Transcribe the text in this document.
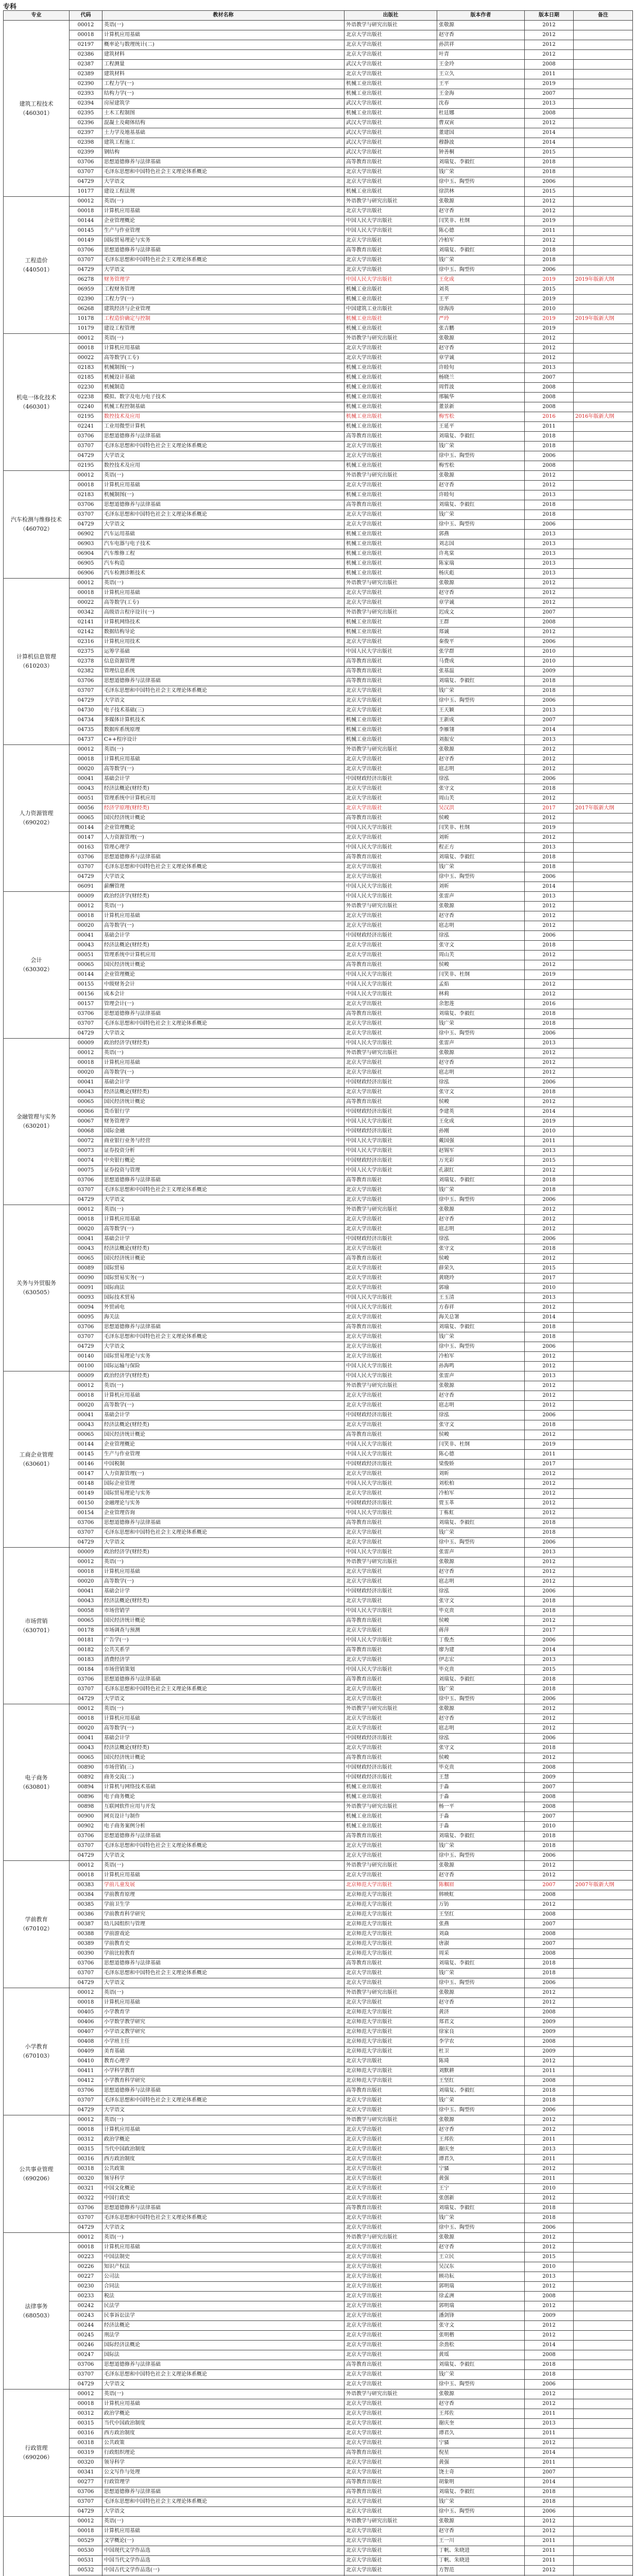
专科
专业	代码	教材名称	出版社	版本作者	版本日期	备注

建筑工程技术
（460301）	00012	英语(一)	外语教学与研究出版社	张敬源	2012	
	00018	计算机应用基础	北京大学出版社	赵守香	2012	
	02197	概率论与数理统计(二)	北京大学出版社	孙洪祥	2012	
	02386	建筑材料	北京大学出版社	叶青	2012	
	02387	工程测量	武汉大学出版社	王金玲	2008	
	02389	建筑材料	北京大学出版社	王立久	2011	
	02390	工程力学(一)	机械工业出版社	王平	2019	
	02393	结构力学(一)	机械工业出版社	王金海	2007	
	02394	房屋建筑学	武汉大学出版社	沈春	2013	
	02395	土木工程制图	机械工业出版社	杜廷娜	2008	
	02396	混凝土及砌体结构	武汉大学出版社	曹双寅	2012	
	02397	土力学及地基基础	武汉大学出版社	董建国	2014	
	02398	建筑工程施工	武汉大学出版社	穆静波	2014	
	02399	钢结构	武汉大学出版社	钟善桐	2015	
	03706	思想道德修养与法律基础	高等教育出版社	刘瑞复、李毅红	2018	
	03707	毛泽东思想和中国特色社会主义理论体系概论	北京大学出版社	钱广荣	2018	
	04729	大学语文	北京大学出版社	徐中玉、陶型传	2006	
	10177	建设工程法规	机械工业出版社	徐洪林	2015	

工程造价
（440501）	00012	英语(一)	外语教学与研究出版社	张敬源	2012	
	00018	计算机应用基础	北京大学出版社	赵守香	2012	
	00144	企业管理概论	中国人民大学出版社	闫笑非、杜纲	2019	
	00145	生产与作业管理	中国人民大学出版社	陈心德	2011	
	00149	国际贸易理论与实务	北京大学出版社	冷柏军	2012	
	03706	思想道德修养与法律基础	高等教育出版社	刘瑞复、李毅红	2018	
	03707	毛泽东思想和中国特色社会主义理论体系概论	北京大学出版社	钱广荣	2018	
	04729	大学语文	北京大学出版社	徐中玉、陶型传	2006	
	06278	财务管理学	中国人民大学出版社	王化成	2019	2019年版新大纲
	06959	工程财务管理	机械工业出版社	刘英	2015	
	02390	工程力学(一)	机械工业出版社	王平	2019	
	06268	建筑经济与企业管理	中国建筑工业出版社	徐海涛	2010	
	10178	工程造价确定与控制	机械工业出版社	严玲	2019	2019年版新大纲
	10179	建设工程管理	机械工业出版社	张吉鹏	2019	

机电一体化技术
（460301）	00012	英语(一)	外语教学与研究出版社	张敬源	2012	
	00018	计算机应用基础	北京大学出版社	赵守香	2012	
	00022	高等数学(工专)	北京大学出版社	章学诚	2012	
	02183	机械制图(一)	机械工业出版社	许睦旬	2013	
	02185	机械设计基础	机械工业出版社	杨晓兰	2007	
	02230	机械制造	机械工业出版社	周哲波	2008	
	02238	模拟、数字及电力电子技术	机械工业出版社	邢毓华	2008	
	02240	机械工程控制基础	机械工业出版社	董景新	2008	
	02195	数控技术及应用	机械工业出版社	梅雪松	2016	2016年版新大纲
	02241	工业用微型计算机	机械工业出版社	王延平	2011	
	03706	思想道德修养与法律基础	高等教育出版社	刘瑞复、李毅红	2018	
	03707	毛泽东思想和中国特色社会主义理论体系概论	北京大学出版社	钱广荣	2018	
	04729	大学语文	北京大学出版社	徐中玉、陶型传	2006	
	02195	数控技术及应用	机械工业出版社	梅雪松	2008	

汽车检测与维修技术
（460702）	00012	英语(一)	外语教学与研究出版社	张敬源	2012	
	00018	计算机应用基础	北京大学出版社	赵守香	2012	
	02183	机械制图(一)	机械工业出版社	许睦旬	2013	
	03706	思想道德修养与法律基础	高等教育出版社	刘瑞复、李毅红	2018	
	03707	毛泽东思想和中国特色社会主义理论体系概论	北京大学出版社	钱广荣	2018	
	04729	大学语文	北京大学出版社	徐中玉、陶型传	2006	
	06902	汽车运用基础	机械工业出版社	郭燕	2013	
	06903	汽车电器与电子技术	机械工业出版社	刘志国	2013	
	06904	汽车维修工程	机械工业出版社	许兆棠	2013	
	06905	汽车构造	机械工业出版社	陈家瑞	2013	
	06906	汽车检测诊断技术	机械工业出版社	杨庆彪	2013	

计算机信息管理
（610203）	00012	英语(一)	外语教学与研究出版社	张敬源	2012	
	00018	计算机应用基础	北京大学出版社	赵守香	2012	
	00022	高等数学(工专)	北京大学出版社	章学诚	2012	
	00342	高级语言程序设计(一)	外语教学与研究出版社	迟成文	2007	
	02141	计算机网络技术	机械工业出版社	王群	2008	
	02142	数据结构导论	机械工业出版社	郑诚	2012	
	02316	计算机应用技术	北京大学出版社	秦俊平	2006	
	02375	运筹学基础	中国人民大学出版社	张学群	2010	
	02378	信息资源管理	高等教育出版社	马费成	2010	
	02382	管理信息系统	高等教育出版社	张基温	2009	
	03706	思想道德修养与法律基础	高等教育出版社	刘瑞复、李毅红	2018	
	03707	毛泽东思想和中国特色社会主义理论体系概论	北京大学出版社	钱广荣	2018	
	04729	大学语文	北京大学出版社	徐中玉、陶型传	2006	
	04730	电子技术基础(三)	北京大学出版社	王天颖	2013	
	04734	多媒体计算机技术	机械工业出版社	王新成	2007	
	04735	数据库系统原理	机械工业出版社	李雁翎	2014	
	04737	C++程序设计	机械工业出版社	刘振安	2013	

人力资源管理
（690202）	00012	英语(一)	外语教学与研究出版社	张敬源	2012	
	00018	计算机应用基础	北京大学出版社	赵守香	2012	
	00020	高等数学(一)	北京大学出版社	扈志明	2012	
	00041	基础会计学	中国财政经济出版社	徐泓	2006	
	00043	经济法概论(财经类)	北京大学出版社	张守文	2018	
	00051	管理系统中计算机应用	北京大学出版社	周山芙	2012	
	00056	经济学原理(财经类)	北京大学出版社	吴汉洪	2017	2017年版新大纲
	00065	国民经济统计概论	高等教育出版社	侯峻	2012	
	00144	企业管理概论	中国人民大学出版社	闫笑非、杜纲	2019	
	00147	人力资源管理(一)	北京大学出版社	刘昕	2012	
	00163	管理心理学	中国人民大学出版社	程正方	2013	
	03706	思想道德修养与法律基础	高等教育出版社	刘瑞复、李毅红	2018	
	03707	毛泽东思想和中国特色社会主义理论体系概论	北京大学出版社	钱广荣	2018	
	04729	大学语文	北京大学出版社	徐中玉、陶型传	2006	
	06091	薪酬管理	中国人民大学出版社	刘昕	2014	

会计
（630302）	00009	政治经济学(财经类)	中国人民大学出版社	张雷声	2013	
	00012	英语(一)	外语教学与研究出版社	张敬源	2012	
	00018	计算机应用基础	北京大学出版社	赵守香	2012	
	00020	高等数学(一)	北京大学出版社	扈志明	2012	
	00041	基础会计学	中国财政经济出版社	徐泓	2006	
	00043	经济法概论(财经类)	北京大学出版社	张守文	2018	
	00051	管理系统中计算机应用	北京大学出版社	周山芙	2012	
	00065	国民经济统计概论	高等教育出版社	侯峻	2012	
	00144	企业管理概论	中国人民大学出版社	闫笑非、杜纲	2019	
	00155	中级财务会计	中国人民大学出版社	孟焰	2012	
	00156	成本会计	中国人民大学出版社	林莉	2012	
	00157	管理会计(一)	北京大学出版社	余恕莲	2016	
	03706	思想道德修养与法律基础	高等教育出版社	刘瑞复、李毅红	2018	
	03707	毛泽东思想和中国特色社会主义理论体系概论	北京大学出版社	钱广荣	2018	
	04729	大学语文	北京大学出版社	徐中玉、陶型传	2006	

金融管理与实务
（630201）	00009	政治经济学(财经类)	中国人民大学出版社	张雷声	2013	
	00012	英语(一)	外语教学与研究出版社	张敬源	2012	
	00018	计算机应用基础	北京大学出版社	赵守香	2012	
	00020	高等数学(一)	北京大学出版社	扈志明	2012	
	00041	基础会计学	中国财政经济出版社	徐泓	2006	
	00043	经济法概论(财经类)	北京大学出版社	张守文	2018	
	00065	国民经济统计概论	高等教育出版社	侯峻	2012	
	00066	货币银行学	中国财政经济出版社	李建英	2014	
	00067	财务管理学	中国人民大学出版社	王化成	2019	
	00068	国际金融	中国财政经济出版社	孙刚	2010	
	00072	商业银行业务与经营	中国人民大学出版社	戴国强	2011	
	00073	证券投资分析	中国人民大学出版社	赵锡军	2013	
	00074	中央银行概论	中国财政经济出版社	万光彩	2015	
	00075	证券投资与管理	中国人民大学出版社	孔淑红	2012	
	03706	思想道德修养与法律基础	高等教育出版社	刘瑞复、李毅红	2018	
	03707	毛泽东思想和中国特色社会主义理论体系概论	北京大学出版社	钱广荣	2018	
	04729	大学语文	北京大学出版社	徐中玉、陶型传	2006	

关务与外贸服务
（630505）	00012	英语(一)	外语教学与研究出版社	张敬源	2012	
	00018	计算机应用基础	北京大学出版社	赵守香	2012	
	00020	高等数学(一)	北京大学出版社	扈志明	2012	
	00041	基础会计学	中国财政经济出版社	徐泓	2006	
	00043	经济法概论(财经类)	北京大学出版社	张守文	2018	
	00065	国民经济统计概论	高等教育出版社	侯峻	2012	
	00089	国际贸易	北京大学出版社	薛荣久	2015	
	00090	国际贸易实务(一)	北京大学出版社	黄晓玲	2017	
	00091	国际商法	北京大学出版社	郭瑜	2010	
	00093	国际技术贸易	中国人民大学出版社	王玉清	2013	
	00094	外贸函电	中国人民大学出版社	方春祥	2012	
	00095	海关法	北京大学出版社	海关总署	2014	
	03706	思想道德修养与法律基础	高等教育出版社	刘瑞复、李毅红	2018	
	03707	毛泽东思想和中国特色社会主义理论体系概论	北京大学出版社	钱广荣	2018	
	04729	大学语文	北京大学出版社	徐中玉、陶型传	2006	
	00140	国际贸易理论与实务	北京大学出版社	冷柏军	2012	
	00100	国际运输与保险	中国人民大学出版社	孙海鸣	2012	

工商企业管理
（630601）	00009	政治经济学(财经类)	中国人民大学出版社	张雷声	2013	
	00012	英语(一)	外语教学与研究出版社	张敬源	2012	
	00018	计算机应用基础	北京大学出版社	赵守香	2012	
	00020	高等数学(一)	北京大学出版社	扈志明	2012	
	00041	基础会计学	中国财政经济出版社	徐泓	2006	
	00043	经济法概论(财经类)	北京大学出版社	张守文	2018	
	00065	国民经济统计概论	高等教育出版社	侯峻	2012	
	00144	企业管理概论	中国人民大学出版社	闫笑非、杜纲	2019	
	00145	生产与作业管理	中国人民大学出版社	陈心德	2011	
	00146	中国税制	中国财政经济出版社	梁俊娇	2017	
	00147	人力资源管理(一)	北京大学出版社	刘昕	2012	
	00148	国际企业管理	中国人民大学出版社	刘松柏	2012	
	00149	国际贸易理论与实务	北京大学出版社	冷柏军	2012	
	00150	金融理论与实务	中国财政经济出版社	贾玉革	2012	
	00154	企业管理咨询	中国人民大学出版社	丁栋虹	2012	
	03706	思想道德修养与法律基础	高等教育出版社	刘瑞复、李毅红	2018	
	03707	毛泽东思想和中国特色社会主义理论体系概论	北京大学出版社	钱广荣	2018	
	04729	大学语文	北京大学出版社	徐中玉、陶型传	2006	

市场营销
（630701）	00009	政治经济学(财经类)	中国人民大学出版社	张雷声	2013	
	00012	英语(一)	外语教学与研究出版社	张敬源	2012	
	00018	计算机应用基础	北京大学出版社	赵守香	2012	
	00020	高等数学(一)	北京大学出版社	扈志明	2012	
	00041	基础会计学	中国财政经济出版社	徐泓	2006	
	00043	经济法概论(财经类)	北京大学出版社	张守文	2018	
	00058	市场营销学	中国人民大学出版社	毕克贵	2018	
	00065	国民经济统计概论	高等教育出版社	侯峻	2012	
	00178	市场调查与预测	北京大学出版社	蒋萍	2017	
	00181	广告学(一)	中国人民大学出版社	丁俊杰	2006	
	00182	公共关系学	高等教育出版社	廖为建	2014	
	00183	消费经济学	北京大学出版社	伊志宏	2013	
	00184	市场营销策划	中国人民大学出版社	毕克贵	2015	
	03706	思想道德修养与法律基础	高等教育出版社	刘瑞复、李毅红	2018	
	03707	毛泽东思想和中国特色社会主义理论体系概论	北京大学出版社	钱广荣	2018	
	04729	大学语文	北京大学出版社	徐中玉、陶型传	2006	

电子商务
（630801）	00012	英语(一)	外语教学与研究出版社	张敬源	2012	
	00018	计算机应用基础	北京大学出版社	赵守香	2012	
	00020	高等数学(一)	北京大学出版社	扈志明	2012	
	00041	基础会计学	中国财政经济出版社	徐泓	2006	
	00043	经济法概论(财经类)	北京大学出版社	张守文	2018	
	00065	国民经济统计概论	高等教育出版社	侯峻	2012	
	00890	市场营销(三)	中国财政经济出版社	毕克贵	2008	
	00892	商务交流(二)	中国财政经济出版社	王慧	2009	
	00894	计算机与网络技术基础	机械工业出版社	于淼	2007	
	00896	电子商务概论	机械工业出版社	于淼	2008	
	00898	互联网软件应用与开发	外语教学与研究出版社	杨一平	2008	
	00900	网页设计与制作	机械工业出版社	于淼	2007	
	00902	电子商务案例分析	机械工业出版社	于淼	2010	
	03706	思想道德修养与法律基础	高等教育出版社	刘瑞复、李毅红	2018	
	03707	毛泽东思想和中国特色社会主义理论体系概论	北京大学出版社	钱广荣	2018	
	04729	大学语文	北京大学出版社	徐中玉、陶型传	2006	

学前教育
（670102）	00012	英语(一)	外语教学与研究出版社	张敬源	2012	
	00018	计算机应用基础	北京大学出版社	赵守香	2012	
	00383	学前儿童发展	北京师范大学出版社	陈帼眉	2007	2007年版新大纲
	00384	学前教育原理	北京师范大学出版社	韩映虹	2008	
	00385	学前卫生学	北京师范大学出版社	万钫	2012	
	00386	学前教育科学研究	北京师范大学出版社	王坚红	2008	
	00387	幼儿园组织与管理	北京师范大学出版社	张燕	2007	
	00388	学前游戏论	北京师范大学出版社	刘焱	2008	
	00389	学前教育史	北京师范大学出版社	唐淑	2007	
	00390	学前比较教育	北京师范大学出版社	周采	2008	
	03706	思想道德修养与法律基础	高等教育出版社	刘瑞复、李毅红	2018	
	03707	毛泽东思想和中国特色社会主义理论体系概论	北京大学出版社	钱广荣	2018	
	04729	大学语文	北京大学出版社	徐中玉、陶型传	2006	

小学教育
（670103）	00012	英语(一)	外语教学与研究出版社	张敬源	2012	
	00018	计算机应用基础	北京大学出版社	赵守香	2012	
	00405	小学教育学	北京师范大学出版社	黄济	2008	
	00406	小学数学教学研究	北京师范大学出版社	郑君文	2009	
	00407	小学语文教学研究	北京师范大学出版社	徐家良	2009	
	00408	小学班主任	北京师范大学出版社	李学农	2008	
	00409	美育基础	北京师范大学出版社	杜卫	2009	
	00410	教育心理学	北京大学出版社	陈琦	2012	
	00411	小学科学教育	北京师范大学出版社	刘默耕	2011	
	00412	小学教育科学研究	北京师范大学出版社	王坚红	2008	
	03706	思想道德修养与法律基础	高等教育出版社	刘瑞复、李毅红	2018	
	03707	毛泽东思想和中国特色社会主义理论体系概论	北京大学出版社	钱广荣	2018	
	04729	大学语文	北京大学出版社	徐中玉、陶型传	2006	

公共事业管理
（690206）	00012	英语(一)	外语教学与研究出版社	张敬源	2012	
	00018	计算机应用基础	北京大学出版社	赵守香	2012	
	00312	政治学概论	北京大学出版社	王邦佐	2011	
	00315	当代中国政治制度	北京大学出版社	谢庆奎	2013	
	00316	西方政治制度	北京大学出版社	谭君久	2011	
	00318	公共政策	北京大学出版社	宁骚	2012	
	00320	领导科学	北京大学出版社	黄强	2011	
	00321	中国文化概论	北京大学出版社	王宁	2010	
	00322	中国行政史	北京大学出版社	张创新	2012	
	03706	思想道德修养与法律基础	高等教育出版社	刘瑞复、李毅红	2018	
	03707	毛泽东思想和中国特色社会主义理论体系概论	北京大学出版社	钱广荣	2018	
	04729	大学语文	北京大学出版社	徐中玉、陶型传	2006	

法律事务
（680503）	00012	英语(一)	外语教学与研究出版社	张敬源	2012	
	00018	计算机应用基础	北京大学出版社	赵守香	2012	
	00223	中国法制史	北京大学出版社	王立民	2015	
	00226	知识产权法	北京大学出版社	吴汉东	2010	
	00227	公司法	北京大学出版社	顾功耘	2013	
	00230	合同法	北京大学出版社	郭明瑞	2012	
	00233	税法	北京大学出版社	徐孟洲	2008	
	00242	民法学	北京大学出版社	郭明瑞	2012	
	00243	民事诉讼法学	北京大学出版社	潘剑锋	2009	
	00244	经济法概论	北京大学出版社	张守文	2012	
	00245	刑法学	北京大学出版社	张明楷	2012	
	00246	国际经济法概论	北京大学出版社	余劲松	2014	
	00247	国际法	北京大学出版社	黄瑶	2008	
	03706	思想道德修养与法律基础	高等教育出版社	刘瑞复、李毅红	2018	
	03707	毛泽东思想和中国特色社会主义理论体系概论	北京大学出版社	钱广荣	2018	
	04729	大学语文	北京大学出版社	徐中玉、陶型传	2006	

行政管理
（690206）	00012	英语(一)	外语教学与研究出版社	张敬源	2012	
	00018	计算机应用基础	北京大学出版社	赵守香	2012	
	00312	政治学概论	北京大学出版社	王邦佐	2011	
	00315	当代中国政治制度	北京大学出版社	谢庆奎	2013	
	00316	西方政治制度	北京大学出版社	谭君久	2011	
	00318	公共政策	北京大学出版社	宁骚	2012	
	00319	行政组织理论	高等教育出版社	倪星	2014	
	00320	领导科学	北京大学出版社	黄强	2011	
	00341	公文写作与处理	北京大学出版社	饶士奇	2007	
	00277	行政管理学	高等教育出版社	胡象明	2014	
	03706	思想道德修养与法律基础	高等教育出版社	刘瑞复、李毅红	2018	
	03707	毛泽东思想和中国特色社会主义理论体系概论	北京大学出版社	钱广荣	2018	
	04729	大学语文	北京大学出版社	徐中玉、陶型传	2006	

	00012	英语(一)	外语教学与研究出版社	张敬源	2012	
	00018	计算机应用基础	北京大学出版社	赵守香	2012	
	00529	文学概论(一)	北京大学出版社	王一川	2011	
	00530	中国现代文学作品选	北京大学出版社	丁帆、朱晓进	2011	
	00531	中国当代文学作品选	北京大学出版社	丁帆、朱晓进	2011	
	00532	中国古代文学作品选(一)	北京大学出版社	方智范	2012	
